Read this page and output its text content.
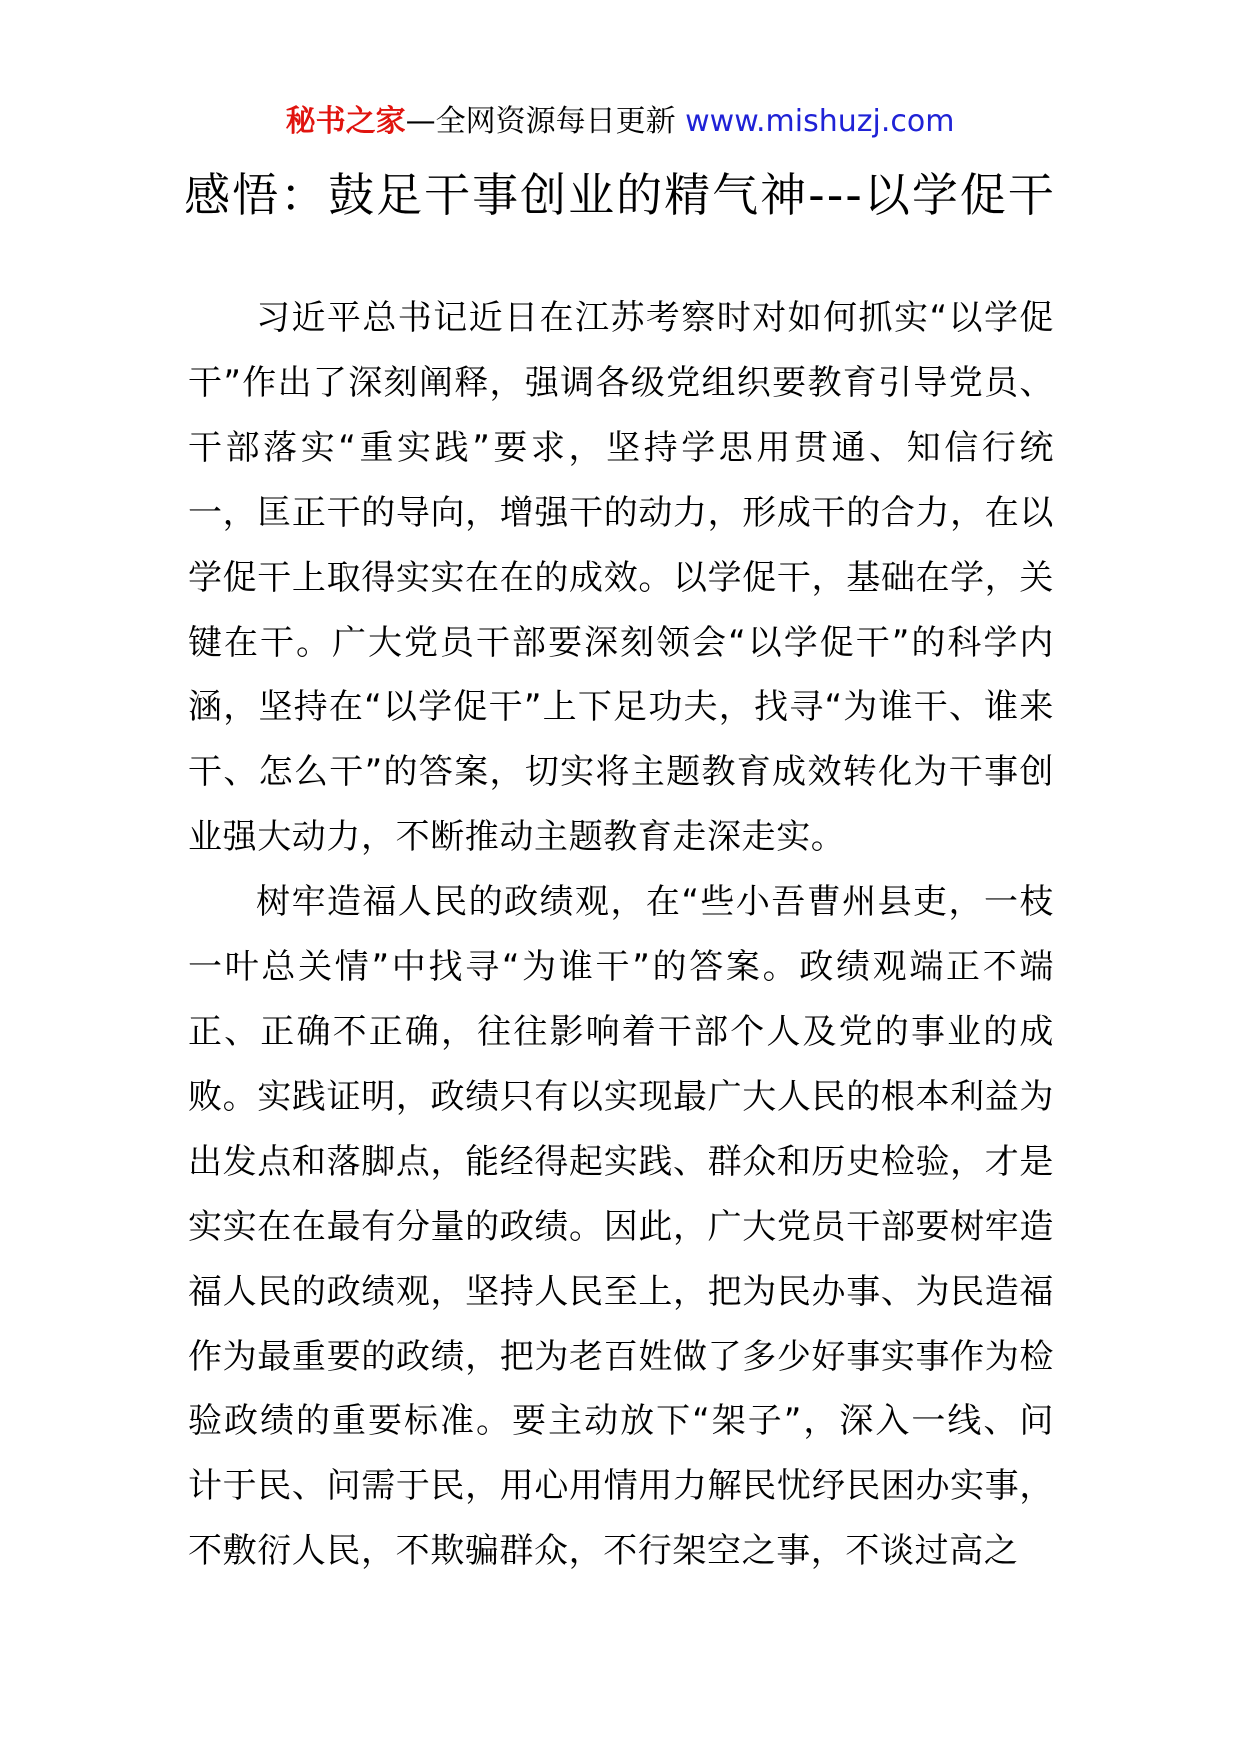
秘书之家—全网资源每日更新 www.mishuzj.com
感悟：鼓足干事创业的精气神---以学促干

习近平总书记近日在江苏考察时对如何抓实“以学促干”作出了深刻阐释，强调各级党组织要教育引导党员、干部落实“重实践”要求，坚持学思用贯通、知信行统一，匡正干的导向，增强干的动力，形成干的合力，在以学促干上取得实实在在的成效。以学促干，基础在学，关键在干。广大党员干部要深刻领会“以学促干”的科学内涵，坚持在“以学促干”上下足功夫，找寻“为谁干、谁来干、怎么干”的答案，切实将主题教育成效转化为干事创业强大动力，不断推动主题教育走深走实。

树牢造福人民的政绩观，在“些小吾曹州县吏，一枝一叶总关情”中找寻“为谁干”的答案。政绩观端正不端正、正确不正确，往往影响着干部个人及党的事业的成败。实践证明，政绩只有以实现最广大人民的根本利益为出发点和落脚点，能经得起实践、群众和历史检验，才是实实在在最有分量的政绩。因此，广大党员干部要树牢造福人民的政绩观，坚持人民至上，把为民办事、为民造福作为最重要的政绩，把为老百姓做了多少好事实事作为检验政绩的重要标准。要主动放下“架子”，深入一线、问计于民、问需于民，用心用情用力解民忧纾民困办实事，不敷衍人民，不欺骗群众，不行架空之事，不谈过高之
